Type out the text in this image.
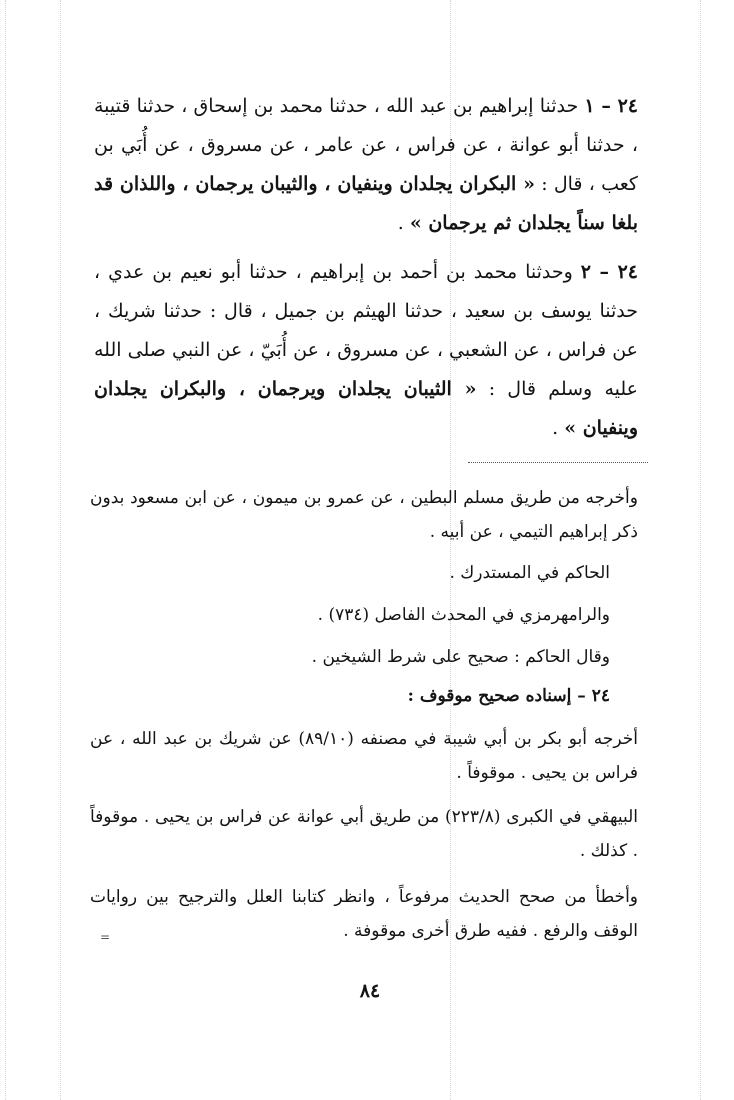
٢٤ – ١ حدثنا إبراهيم بن عبد الله ، حدثنا محمد بن إسحاق ، حدثنا قتيبة ، حدثنا أبو عوانة ، عن فراس ، عن عامر ، عن مسروق ، عن أُبَي بن كعب ، قال : « البكران يجلدان وينفيان ، والثيبان يرجمان ، واللذان قد بلغا سناً يجلدان ثم يرجمان » .

٢٤ – ٢ وحدثنا محمد بن أحمد بن إبراهيم ، حدثنا أبو نعيم بن عدي ، حدثنا يوسف بن سعيد ، حدثنا الهيثم بن جميل ، قال : حدثنا شريك ، عن فراس ، عن الشعبي ، عن مسروق ، عن أُبَيّ ، عن النبي صلى الله عليه وسلم قال : « الثيبان يجلدان ويرجمان ، والبكران يجلدان وينفيان » .

وأخرجه من طريق مسلم البطين ، عن عمرو بن ميمون ، عن ابن مسعود بدون ذكر إبراهيم التيمي ، عن أبيه .

الحاكم في المستدرك .

والرامهرمزي في المحدث الفاصل (٧٣٤) .

وقال الحاكم : صحيح على شرط الشيخين .

٢٤ – إسناده صحيح موقوف :

أخرجه أبو بكر بن أبي شيبة في مصنفه (٨٩/١٠) عن شريك بن عبد الله ، عن فراس بن يحيى . موقوفاً .

البيهقي في الكبرى (٢٢٣/٨) من طريق أبي عوانة عن فراس بن يحيى . موقوفاً . كذلك .

وأخطأ من صحح الحديث مرفوعاً ، وانظر كتابنا العلل والترجيح بين روايات الوقف والرفع . ففيه طرق أخرى موقوفة .

=
٨٤
